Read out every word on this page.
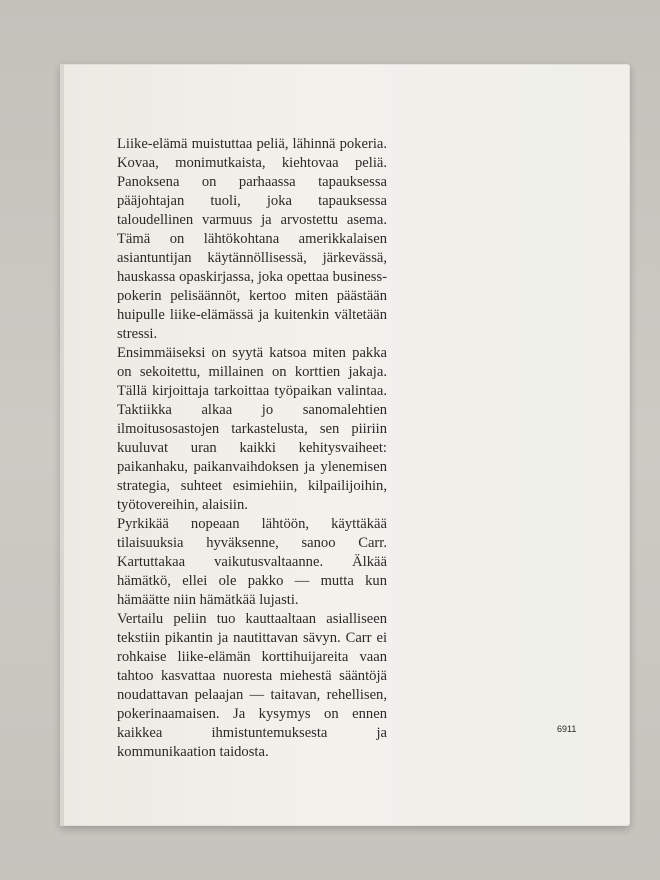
Liike-elämä muistuttaa peliä, lähinnä pokeria. Kovaa, monimutkaista, kiehtovaa peliä. Panoksena on parhaassa tapauksessa pääjohtajan tuoli, joka tapauksessa taloudellinen varmuus ja arvostettu asema. Tämä on lähtökohtana amerikkalaisen asiantuntijan käytännöllisessä, järkevässä, hauskassa opaskirjassa, joka opettaa business-pokerin pelisäännöt, kertoo miten päästään huipulle liike-elämässä ja kuitenkin vältetään stressi.

Ensimmäiseksi on syytä katsoa miten pakka on sekoitettu, millainen on korttien jakaja. Tällä kirjoittaja tarkoittaa työpaikan valintaa. Taktiikka alkaa jo sanomalehtien ilmoitusosastojen tarkastelusta, sen piiriin kuuluvat uran kaikki kehitysvaiheet: paikanhaku, paikanvaihdoksen ja ylenemisen strategia, suhteet esimiehiin, kilpailijoihin, työtovereihin, alaisiin.

Pyrkikää nopeaan lähtöön, käyttäkää tilaisuuksia hyväksenne, sanoo Carr. Kartuttakaa vaikutusvaltaanne. Älkää hämätkö, ellei ole pakko — mutta kun hämäätte niin hämätkää lujasti.

Vertailu peliin tuo kauttaaltaan asialliseen tekstiin pikantin ja nautittavan sävyn. Carr ei rohkaise liike-elämän korttihuijareita vaan tahtoo kasvattaa nuoresta miehestä sääntöjä noudattavan pelaajan — taitavan, rehellisen, pokerinaamaisen. Ja kysymys on ennen kaikkea ihmistuntemuksesta ja kommunikaation taidosta.

6911
